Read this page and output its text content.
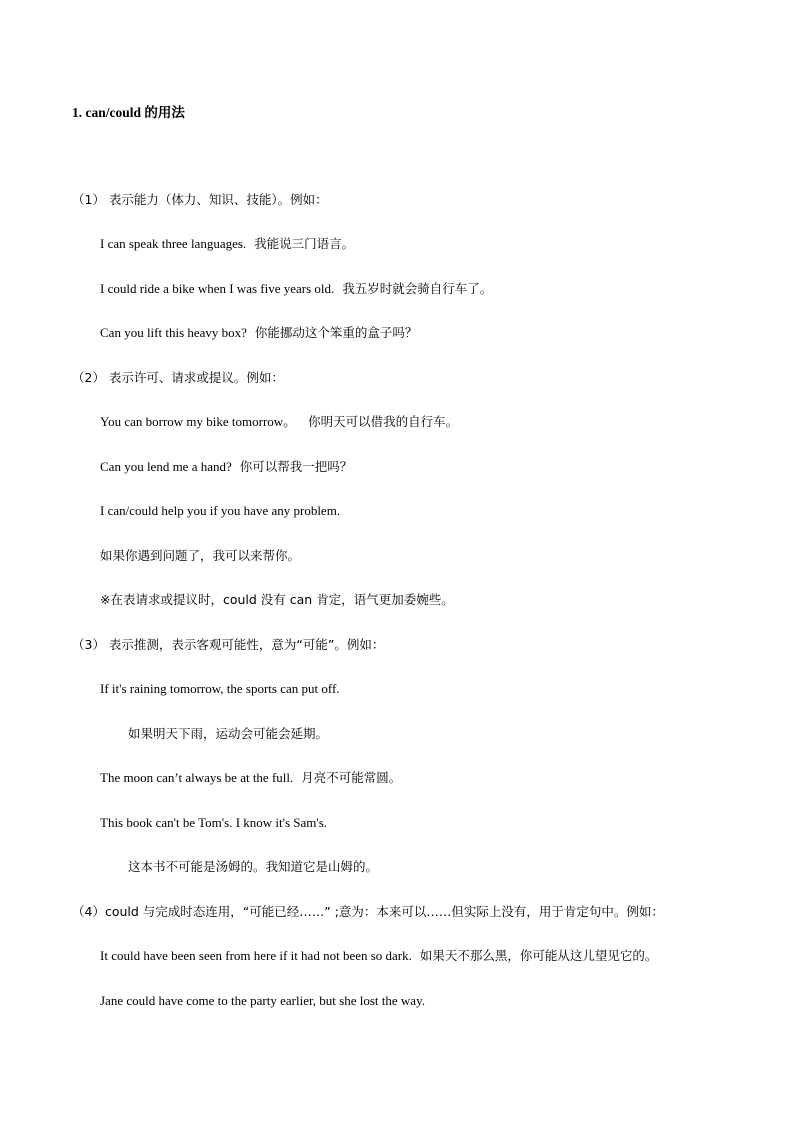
1. can/could 的用法
（1） 表示能力（体力、知识、技能）。例如：
I can speak three languages. 我能说三门语言。
I could ride a bike when I was five years old. 我五岁时就会骑自行车了。
Can you lift this heavy box? 你能挪动这个笨重的盒子吗？
（2） 表示许可、请求或提议。例如：
You can borrow my bike tomorrow。 你明天可以借我的自行车。
Can you lend me a hand? 你可以帮我一把吗？
I can/could help you if you have any problem.
如果你遇到问题了，我可以来帮你。
※在表请求或提议时，could 没有 can 肯定，语气更加委婉些。
（3） 表示推测，表示客观可能性，意为“可能”。例如：
If it's raining tomorrow, the sports can put off.
如果明天下雨，运动会可能会延期。
The moon can’t always be at the full. 月亮不可能常圆。
This book can't be Tom's. I know it's Sam's.
这本书不可能是汤姆的。我知道它是山姆的。
（4）could 与完成时态连用，“可能已经……” ;意为：本来可以……但实际上没有，用于肯定句中。例如：
It could have been seen from here if it had not been so dark. 如果天不那么黑，你可能从这儿望见它的。
Jane could have come to the party earlier, but she lost the way.
